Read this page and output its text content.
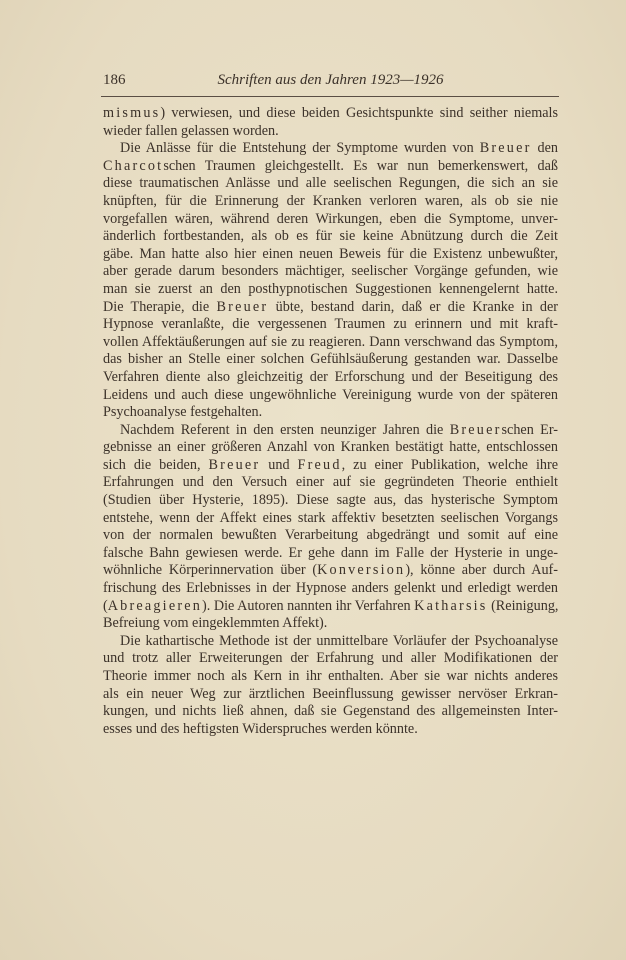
186	Schriften aus den Jahren 1923—1926
mismus) verwiesen, und diese beiden Gesichtspunkte sind seither niemals
wieder fallen gelassen worden.
Die Anlässe für die Entstehung der Symptome wurden von Breuer den
Charcotschen Traumen gleichgestellt. Es war nun bemerkenswert, daß
diese traumatischen Anlässe und alle seelischen Regungen, die sich an sie
knüpften, für die Erinnerung der Kranken verloren waren, als ob sie nie
vorgefallen wären, während deren Wirkungen, eben die Symptome, unver-
änderlich fortbestanden, als ob es für sie keine Abnützung durch die Zeit
gäbe. Man hatte also hier einen neuen Beweis für die Existenz unbewußter,
aber gerade darum besonders mächtiger, seelischer Vorgänge gefunden, wie
man sie zuerst an den posthypnotischen Suggestionen kennengelernt hatte.
Die Therapie, die Breuer übte, bestand darin, daß er die Kranke in der
Hypnose veranlaßte, die vergessenen Traumen zu erinnern und mit kraft-
vollen Affektäußerungen auf sie zu reagieren. Dann verschwand das Symptom,
das bisher an Stelle einer solchen Gefühlsäußerung gestanden war. Dasselbe
Verfahren diente also gleichzeitig der Erforschung und der Beseitigung des
Leidens und auch diese ungewöhnliche Vereinigung wurde von der späteren
Psychoanalyse festgehalten.
Nachdem Referent in den ersten neunziger Jahren die Breuerschen Er-
gebnisse an einer größeren Anzahl von Kranken bestätigt hatte, entschlossen
sich die beiden, Breuer und Freud, zu einer Publikation, welche ihre
Erfahrungen und den Versuch einer auf sie gegründeten Theorie enthielt
(Studien über Hysterie, 1895). Diese sagte aus, das hysterische Symptom
entstehe, wenn der Affekt eines stark affektiv besetzten seelischen Vorgangs
von der normalen bewußten Verarbeitung abgedrängt und somit auf eine
falsche Bahn gewiesen werde. Er gehe dann im Falle der Hysterie in unge-
wöhnliche Körperinnervation über (Konversion), könne aber durch Auf-
frischung des Erlebnisses in der Hypnose anders gelenkt und erledigt werden
(Abreagieren). Die Autoren nannten ihr Verfahren Katharsis (Reinigung,
Befreiung vom eingeklemmten Affekt).
Die kathartische Methode ist der unmittelbare Vorläufer der Psychoanalyse
und trotz aller Erweiterungen der Erfahrung und aller Modifikationen der
Theorie immer noch als Kern in ihr enthalten. Aber sie war nichts anderes
als ein neuer Weg zur ärztlichen Beeinflussung gewisser nervöser Erkran-
kungen, und nichts ließ ahnen, daß sie Gegenstand des allgemeinsten Inter-
esses und des heftigsten Widerspruches werden könnte.
